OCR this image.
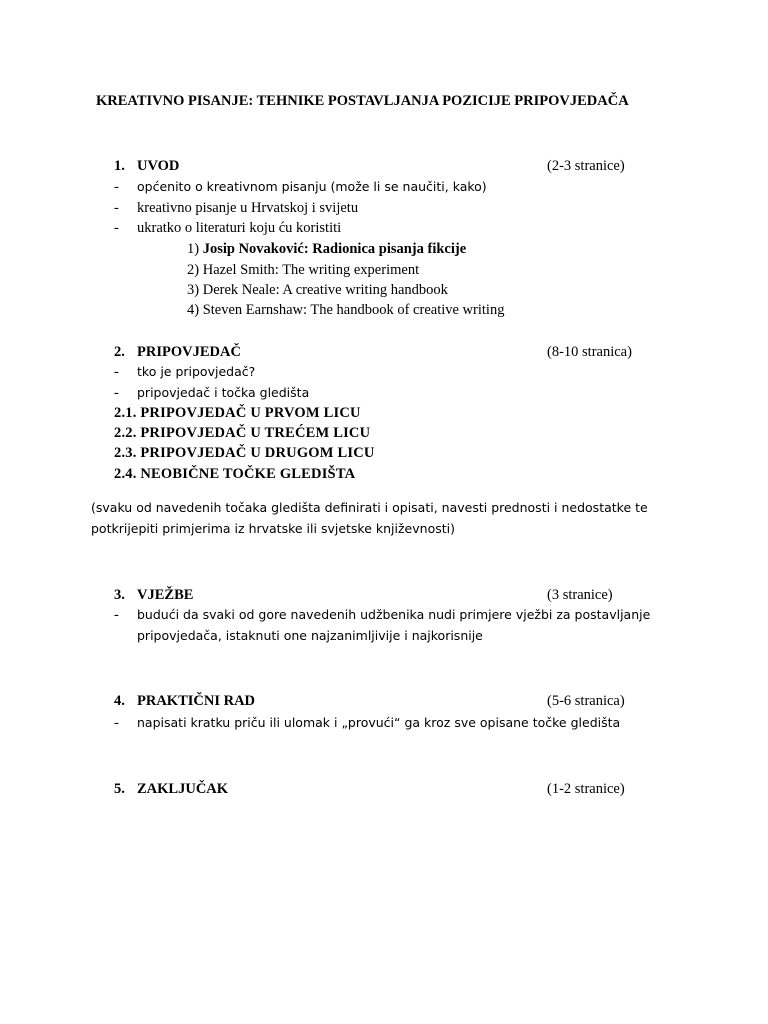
KREATIVNO PISANJE: TEHNIKE POSTAVLJANJA POZICIJE PRIPOVJEDAČA
1. UVOD	(2-3 stranice)
- općenito o kreativnom pisanju (može li se naučiti, kako)
- kreativno pisanje u Hrvatskoj i svijetu
- ukratko o literaturi koju ću koristiti
1) Josip Novaković: Radionica pisanja fikcije
2) Hazel Smith: The writing experiment
3) Derek Neale: A creative writing handbook
4) Steven Earnshaw: The handbook of creative writing
2. PRIPOVJEDAČ	(8-10 stranica)
- tko je pripovjedač?
- pripovjedač i točka gledišta
2.1. PRIPOVJEDAČ U PRVOM LICU
2.2. PRIPOVJEDAČ U TREĆEM LICU
2.3. PRIPOVJEDAČ U DRUGOM LICU
2.4. NEOBIČNE TOČKE GLEDIŠTA
(svaku od navedenih točaka gledišta definirati i opisati, navesti prednosti i nedostatke te
potkrijepiti primjerima iz hrvatske ili svjetske književnosti)
3. VJEŽBE	(3 stranice)
- budući da svaki od gore navedenih udžbenika nudi primjere vježbi za postavljanje
pripovjedača, istaknuti one najzanimljivije i najkorisnije
4. PRAKTIČNI RAD	(5-6 stranica)
- napisati kratku priču ili ulomak i „provući“ ga kroz sve opisane točke gledišta
5. ZAKLJUČAK	(1-2 stranice)
